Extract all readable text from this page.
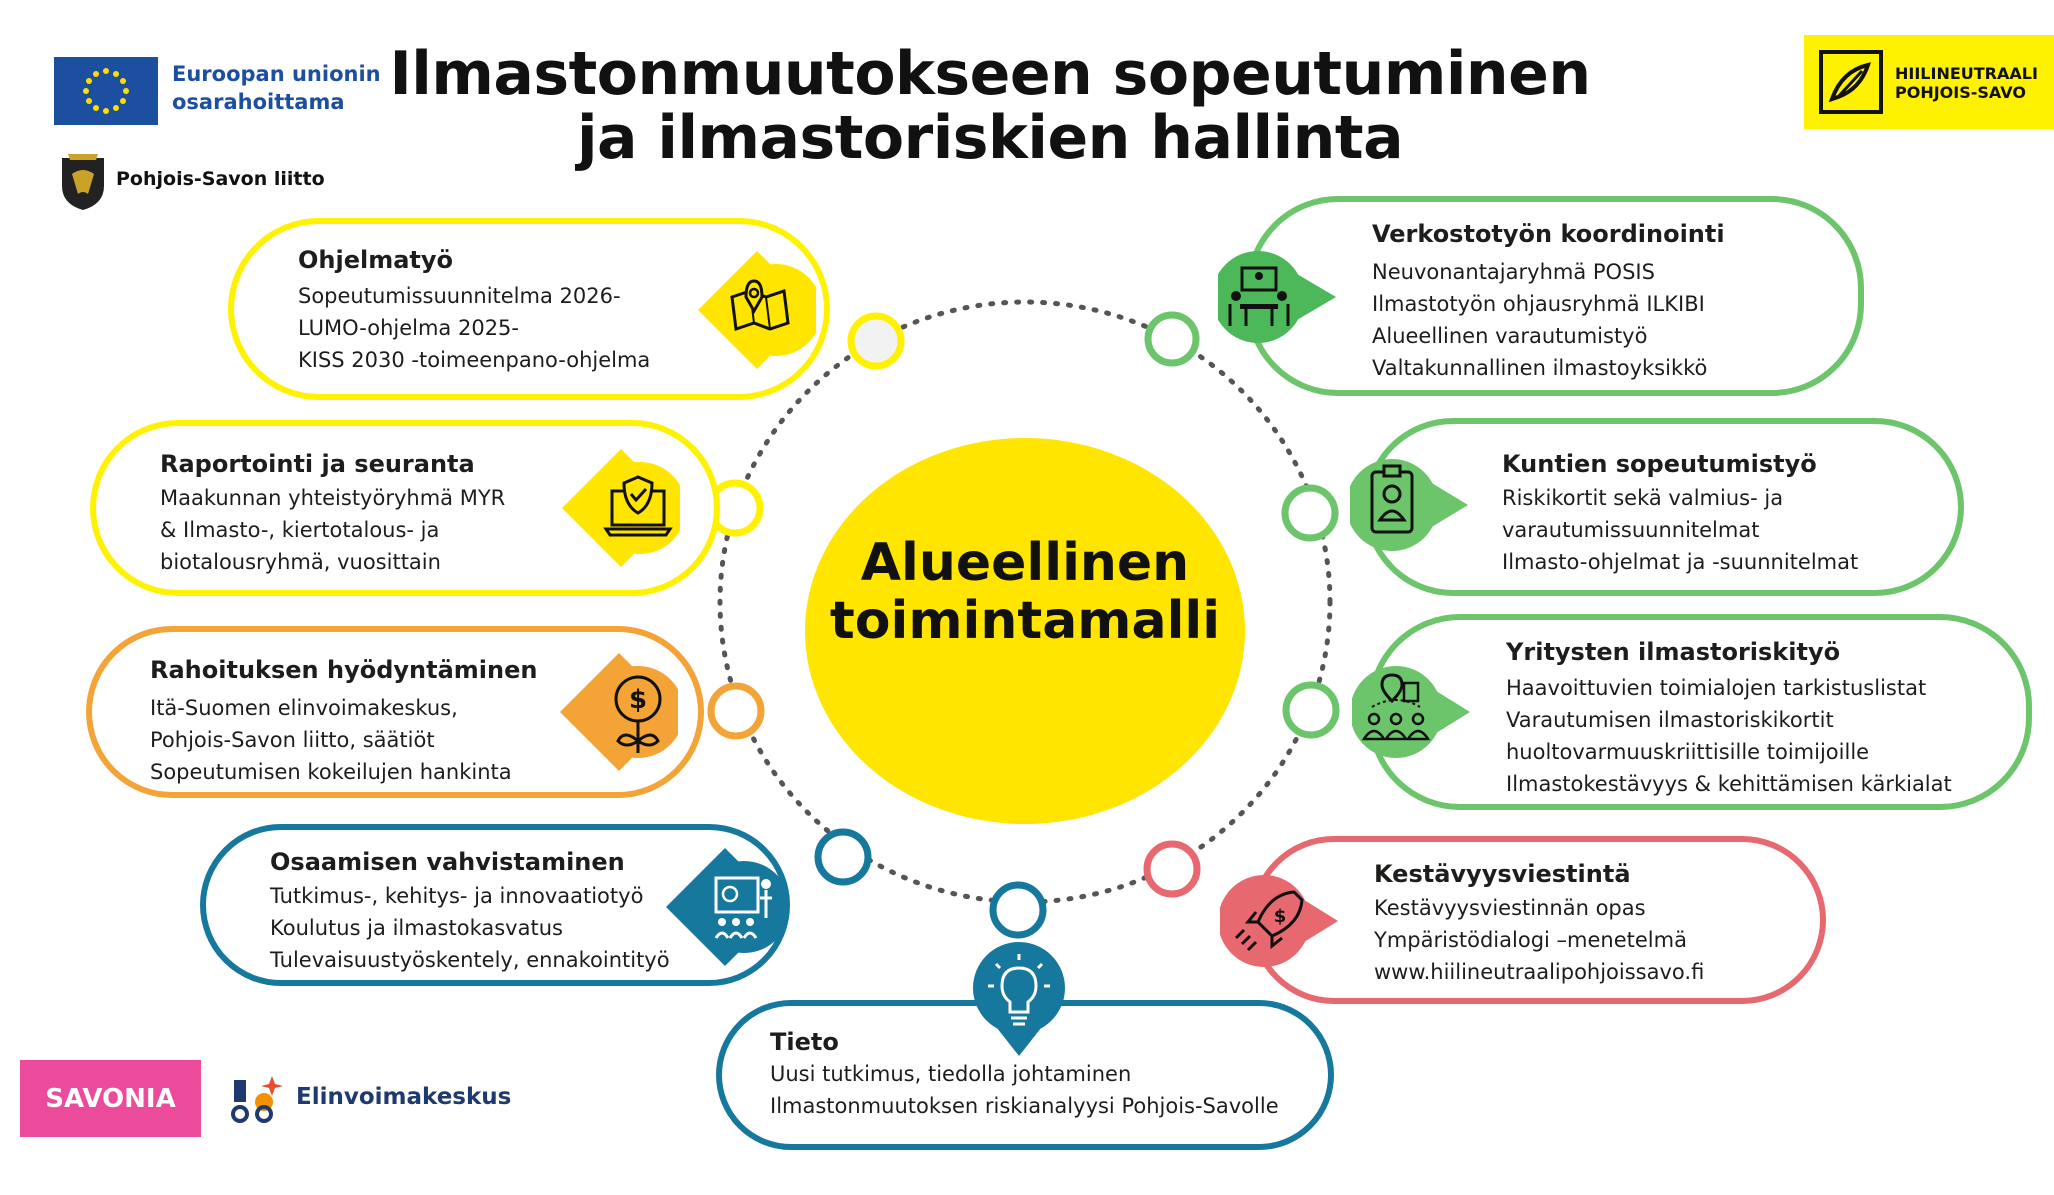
Alueellinen
toimintamalli
Ilmastonmuutokseen sopeutuminen
ja ilmastoriskien hallinta
Euroopan unionin
osarahoittama
Pohjois-Savon liitto
HIILINEUTRAALI
POHJOIS-SAVO
SAVONIA	Elinvoimakeskus
Ohjelmatyö
Sopeutumissuunnitelma 2026-
LUMO-ohjelma 2025-
KISS 2030 -toimeenpano-ohjelma
Raportointi ja seuranta
Maakunnan yhteistyöryhmä MYR
& Ilmasto-, kiertotalous- ja
biotalousryhmä, vuosittain
Rahoituksen hyödyntäminen
Itä-Suomen elinvoimakeskus,
Pohjois-Savon liitto, säätiöt
Sopeutumisen kokeilujen hankinta
$
Osaamisen vahvistaminen
Tutkimus-, kehitys- ja innovaatiotyö
Koulutus ja ilmastokasvatus
Tulevaisuustyöskentely, ennakointityö
Tieto
Uusi tutkimus, tiedolla johtaminen
Ilmastonmuutoksen riskianalyysi Pohjois-Savolle
Verkostotyön koordinointi
Neuvonantajaryhmä POSIS
Ilmastotyön ohjausryhmä ILKIBI
Alueellinen varautumistyö
Valtakunnallinen ilmastoyksikkö
Kuntien sopeutumistyö
Riskikortit sekä valmius- ja
varautumissuunnitelmat
Ilmasto-ohjelmat ja -suunnitelmat
Yritysten ilmastoriskityö
Haavoittuvien toimialojen tarkistuslistat
Varautumisen ilmastoriskikortit
huoltovarmuuskriittisille toimijoille
Ilmastokestävyys & kehittämisen kärkialat
Kestävyysviestintä
Kestävyysviestinnän opas
Ympäristödialogi –menetelmä
www.hiilineutraalipohjoissavo.fi
$
